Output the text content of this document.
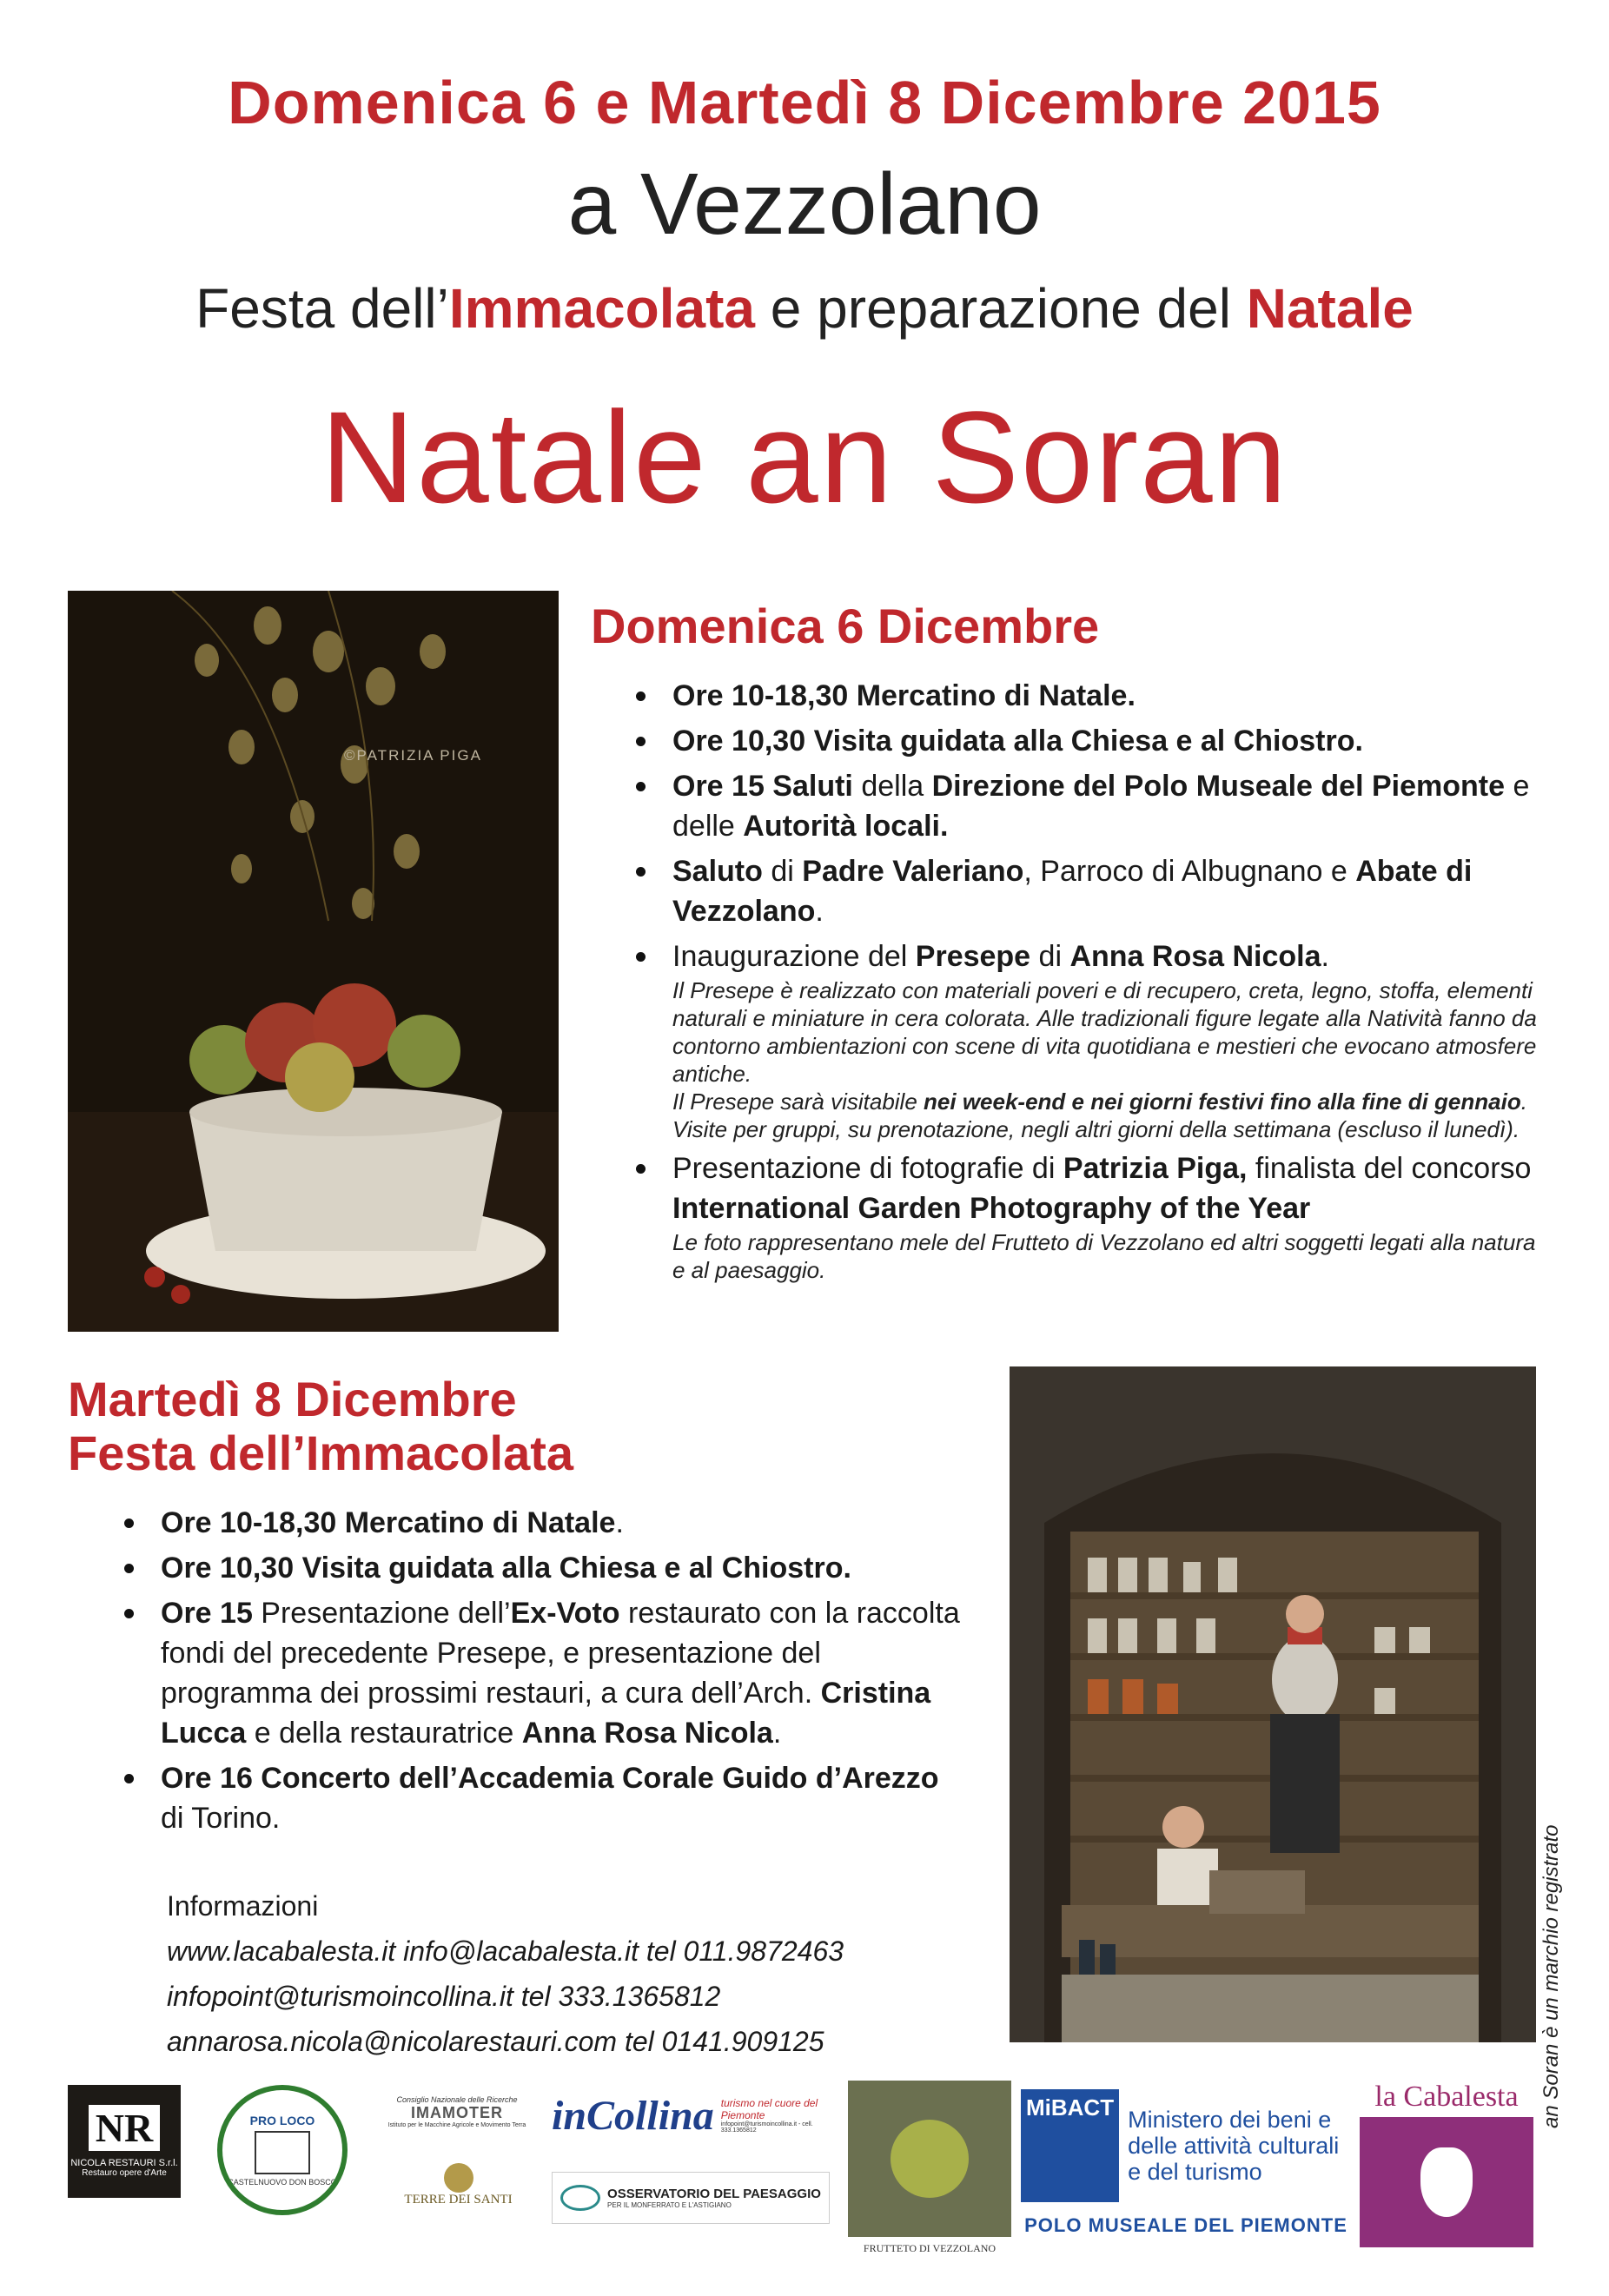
Domenica 6 e Martedì 8 Dicembre 2015
a Vezzolano
Festa dell’Immacolata e preparazione del Natale
Natale an Soran
©PATRIZIA PIGA
Domenica 6 Dicembre
Ore 10-18,30 Mercatino di Natale.
Ore 10,30 Visita guidata alla Chiesa e al Chiostro.
Ore 15 Saluti della Direzione del Polo Museale del Piemonte e delle Autorità locali.
Saluto di Padre Valeriano, Parroco di Albugnano e Abate di Vezzolano.
Inaugurazione del Presepe di Anna Rosa Nicola.
Il Presepe è realizzato con materiali poveri e di recupero, creta, legno, stoffa, elementi naturali e miniature in cera colorata. Alle tradizionali figure legate alla Natività fanno da contorno ambientazioni con scene di vita quotidiana e mestieri che evocano atmosfere antiche.
Il Presepe sarà visitabile nei week-end e nei giorni festivi fino alla fine di gennaio. Visite per gruppi, su prenotazione, negli altri giorni della settimana (escluso il lunedì).
Presentazione di fotografie di Patrizia Piga, finalista del concorso International Garden Photography of the Year
Le foto rappresentano mele del Frutteto di Vezzolano ed altri soggetti legati alla natura e al paesaggio.
Martedì 8 Dicembre
Festa dell’Immacolata
Ore 10-18,30 Mercatino di Natale.
Ore 10,30 Visita guidata alla Chiesa e al Chiostro.
Ore 15 Presentazione dell’Ex-Voto restaurato con la raccolta fondi del precedente Presepe, e presentazione del programma dei prossimi restauri, a cura dell’Arch. Cristina Lucca e della restauratrice Anna Rosa Nicola.
Ore 16 Concerto dell’Accademia Corale Guido d’Arezzo di Torino.
Informazioni
www.lacabalesta.it info@lacabalesta.it tel 011.9872463
infopoint@turismoincollina.it tel 333.1365812
annarosa.nicola@nicolarestauri.com tel 0141.909125	an Soran è un marchio registrato
NR
NICOLA RESTAURI S.r.l.
Restauro opere d'Arte
PRO LOCO
CASTELNUOVO DON BOSCO
Consiglio Nazionale delle Ricerche
IMAMOTER
Istituto per le Macchine Agricole e Movimento Terra
TERRE DEI SANTI
inCollina turismo nel cuore del Piemonte
infopoint@turismoincollina.it - cell. 333.1365812
OSSERVATORIO DEL PAESAGGIO
PER IL MONFERRATO E L'ASTIGIANO
FRUTTETO DI VEZZOLANO
MiBACT Ministero dei beni e delle attività culturali e del turismo
POLO MUSEALE DEL PIEMONTE
la Cabalesta
